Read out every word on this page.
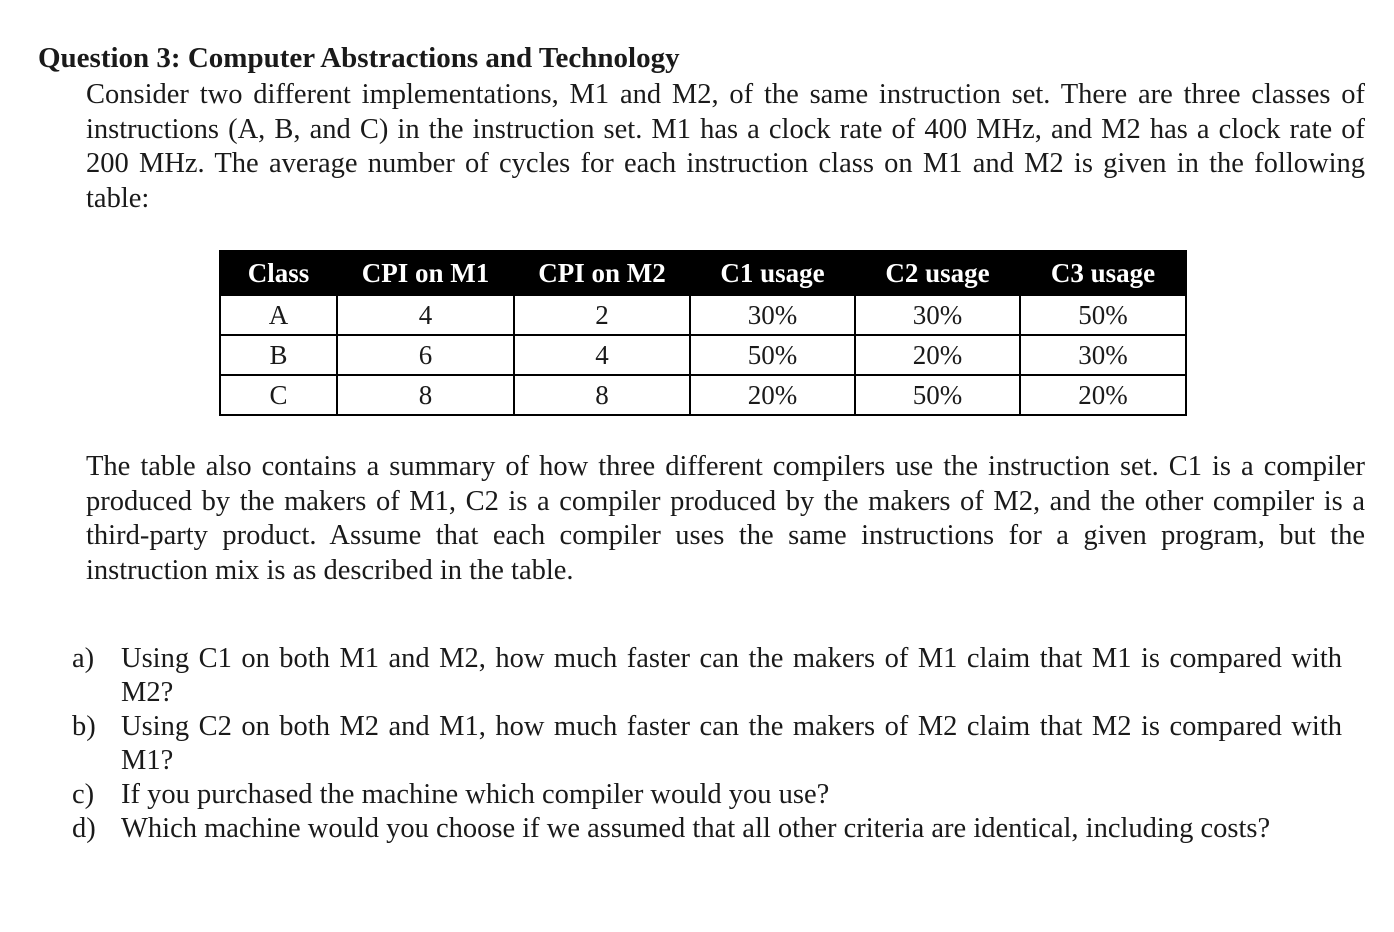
Question 3: Computer Abstractions and Technology

Consider two different implementations, M1 and M2, of the same instruction set. There are three classes of instructions (A, B, and C) in the instruction set. M1 has a clock rate of 400 MHz, and M2 has a clock rate of 200 MHz. The average number of cycles for each instruction class on M1 and M2 is given in the following table:

Class	CPI on M1	CPI on M2	C1 usage	C2 usage	C3 usage
A	4	2	30%	30%	50%
B	6	4	50%	20%	30%
C	8	8	20%	50%	20%

The table also contains a summary of how three different compilers use the instruction set. C1 is a compiler produced by the makers of M1, C2 is a compiler produced by the makers of M2, and the other compiler is a third-party product. Assume that each compiler uses the same instructions for a given program, but the instruction mix is as described in the table.

a) Using C1 on both M1 and M2, how much faster can the makers of M1 claim that M1 is compared with M2?
b) Using C2 on both M2 and M1, how much faster can the makers of M2 claim that M2 is compared with M1?
c) If you purchased the machine which compiler would you use?
d) Which machine would you choose if we assumed that all other criteria are identical, including costs?
